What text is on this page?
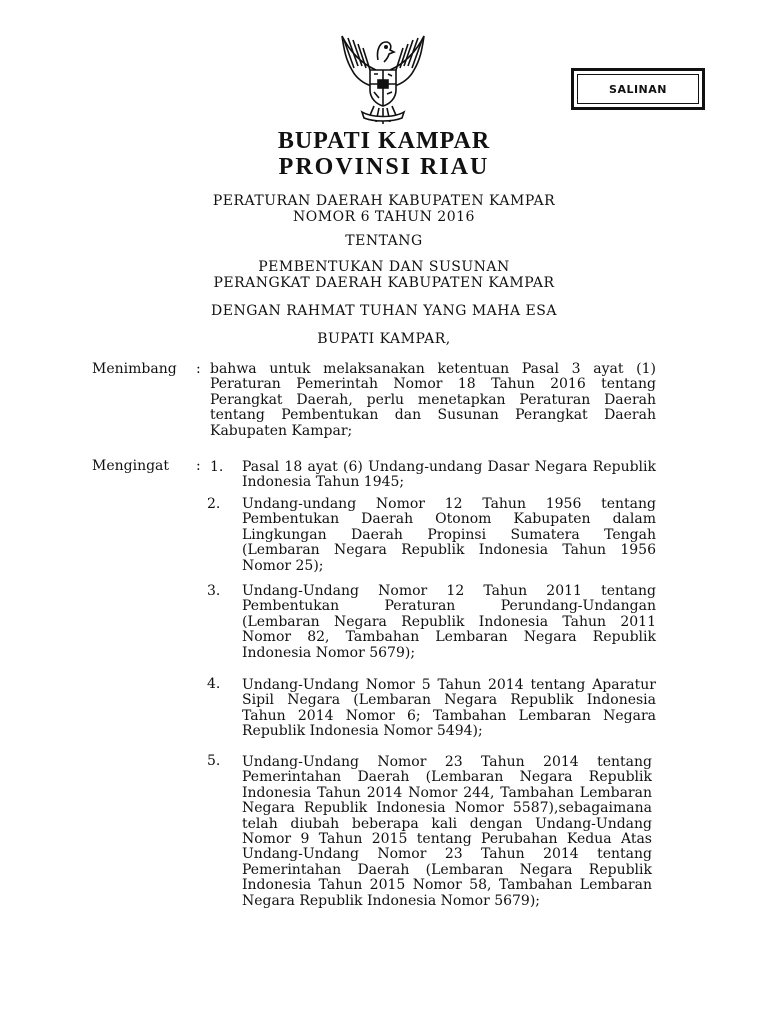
SALINAN
BUPATI KAMPAR
PROVINSI RIAU
PERATURAN DAERAH KABUPATEN KAMPAR
NOMOR 6 TAHUN 2016
TENTANG
PEMBENTUKAN DAN SUSUNAN
PERANGKAT DAERAH KABUPATEN KAMPAR
DENGAN RAHMAT TUHAN YANG MAHA ESA
BUPATI KAMPAR,
Menimbang : bahwa untuk melaksanakan ketentuan Pasal 3 ayat (1) Peraturan Pemerintah Nomor 18 Tahun 2016 tentang Perangkat Daerah, perlu menetapkan Peraturan Daerah tentang Pembentukan dan Susunan Perangkat Daerah Kabupaten Kampar;

Mengingat : 1. Pasal 18 ayat (6) Undang-undang Dasar Negara Republik Indonesia Tahun 1945;

2. Undang-undang Nomor 12 Tahun 1956 tentang Pembentukan Daerah Otonom Kabupaten dalam Lingkungan Daerah Propinsi Sumatera Tengah (Lembaran Negara Republik Indonesia Tahun 1956 Nomor 25);

3. Undang-Undang Nomor 12 Tahun 2011 tentang Pembentukan Peraturan Perundang-Undangan (Lembaran Negara Republik Indonesia Tahun 2011 Nomor 82, Tambahan Lembaran Negara Republik Indonesia Nomor 5679);

4. Undang-Undang Nomor 5 Tahun 2014 tentang Aparatur Sipil Negara (Lembaran Negara Republik Indonesia Tahun 2014 Nomor 6; Tambahan Lembaran Negara Republik Indonesia Nomor 5494);

5. Undang-Undang Nomor 23 Tahun 2014 tentang Pemerintahan Daerah (Lembaran Negara Republik Indonesia Tahun 2014 Nomor 244, Tambahan Lembaran Negara Republik Indonesia Nomor 5587),sebagaimana telah diubah beberapa kali dengan Undang-Undang Nomor 9 Tahun 2015 tentang Perubahan Kedua Atas Undang-Undang Nomor 23 Tahun 2014 tentang Pemerintahan Daerah (Lembaran Negara Republik Indonesia Tahun 2015 Nomor 58, Tambahan Lembaran Negara Republik Indonesia Nomor 5679);
